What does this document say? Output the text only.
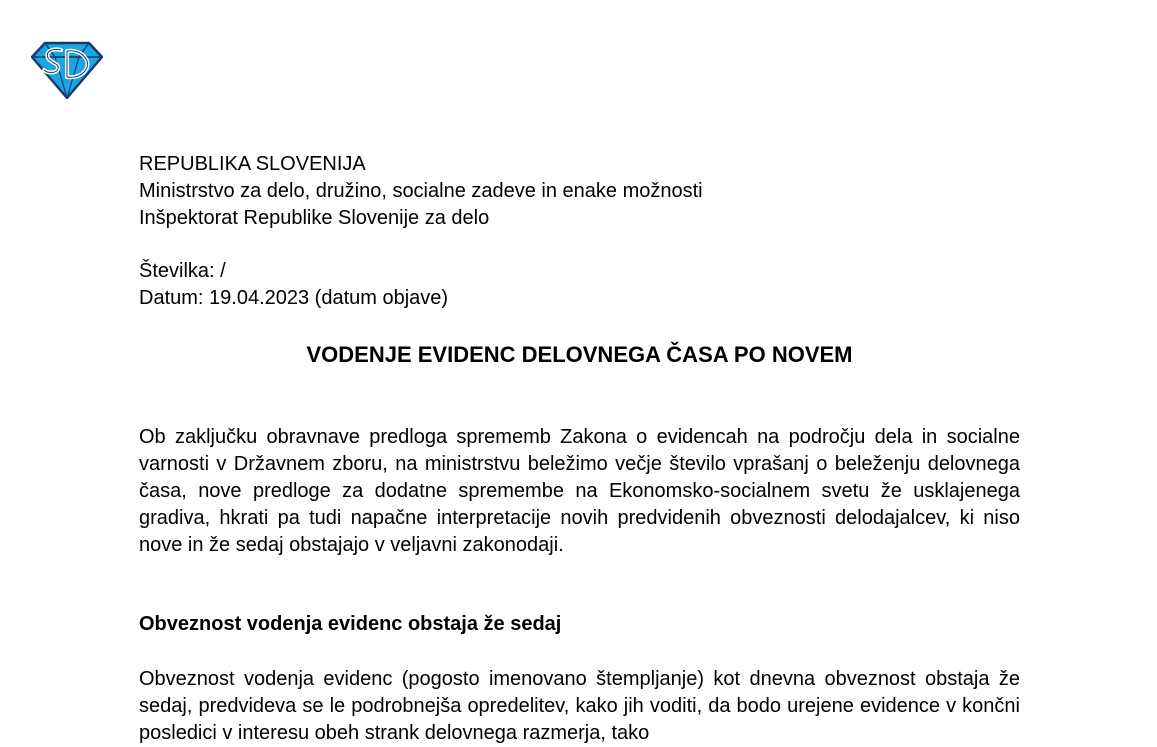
REPUBLIKA SLOVENIJA
Ministrstvo za delo, družino, socialne zadeve in enake možnosti
Inšpektorat Republike Slovenije za delo
Številka: /
Datum: 19.04.2023 (datum objave)
VODENJE EVIDENC DELOVNEGA ČASA PO NOVEM

Ob zaključku obravnave predloga sprememb Zakona o evidencah na področju dela in socialne varnosti v Državnem zboru, na ministrstvu beležimo večje število vprašanj o beleženju delovnega časa, nove predloge za dodatne spremembe na Ekonomsko-socialnem svetu že usklajenega gradiva, hkrati pa tudi napačne interpretacije novih predvidenih obveznosti delodajalcev, ki niso nove in že sedaj obstajajo v veljavni zakonodaji.

Obveznost vodenja evidenc obstaja že sedaj

Obveznost vodenja evidenc (pogosto imenovano štempljanje) kot dnevna obveznost obstaja že sedaj, predvideva se le podrobnejša opredelitev, kako jih voditi, da bodo urejene evidence v končni posledici v interesu obeh strank delovnega razmerja, tako
